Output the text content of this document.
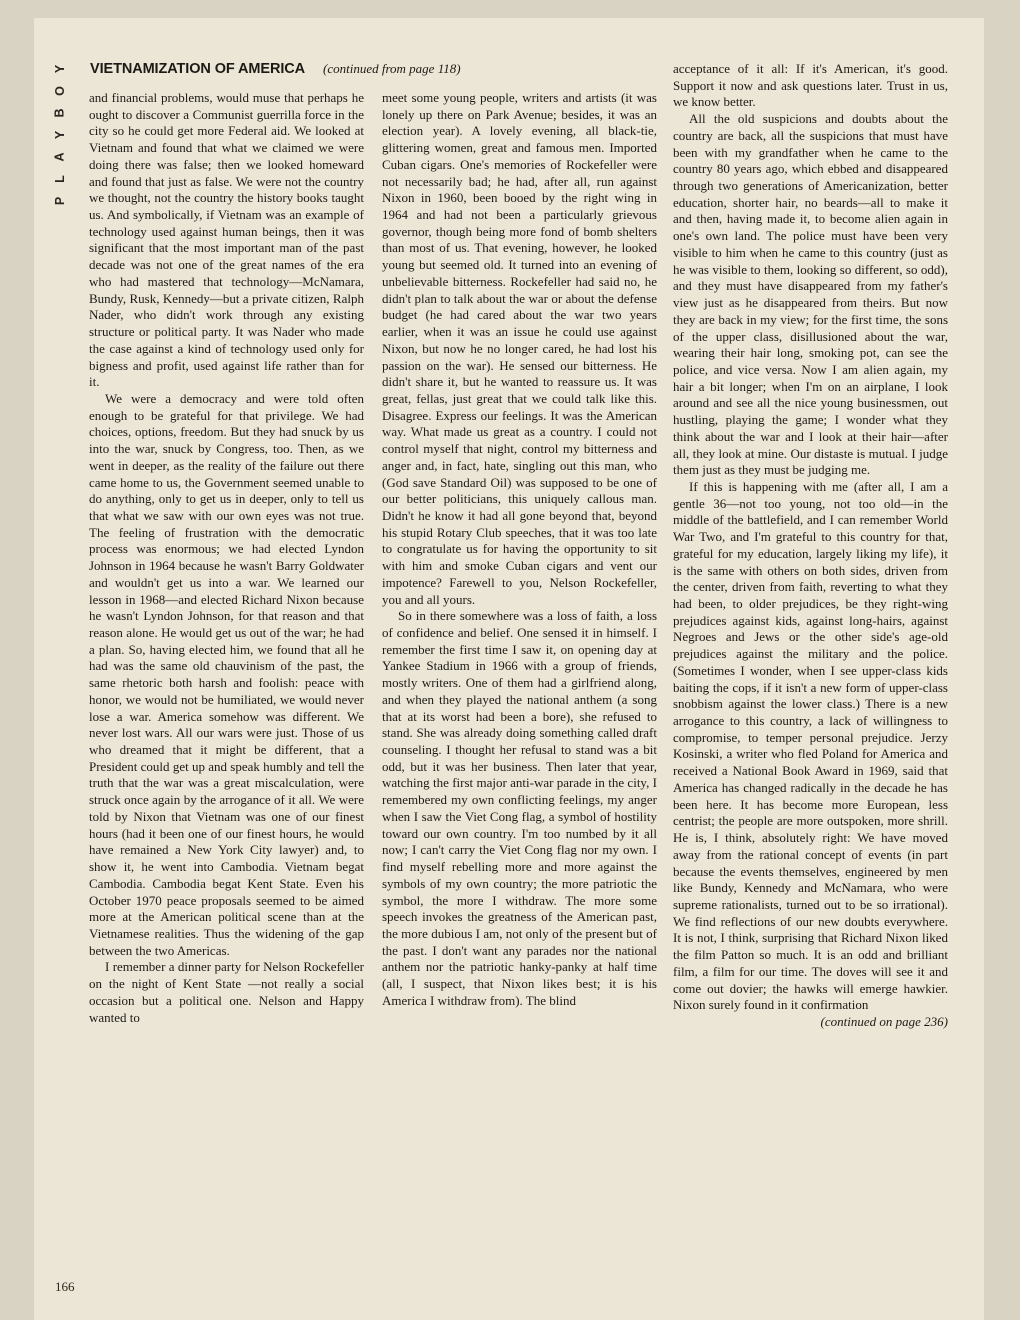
Y
O
B
Y
A
L
P
VIETNAMIZATION OF AMERICA (continued from page 118)

and financial problems, would muse that perhaps he ought to discover a Communist guerrilla force in the city so he could get more Federal aid. We looked at Vietnam and found that what we claimed we were doing there was false; then we looked homeward and found that just as false. We were not the country we thought, not the country the history books taught us. And symbolically, if Vietnam was an example of technology used against human beings, then it was significant that the most important man of the past decade was not one of the great names of the era who had mastered that technology—McNamara, Bundy, Rusk, Kennedy—but a private citizen, Ralph Nader, who didn't work through any existing structure or political party. It was Nader who made the case against a kind of technology used only for bigness and profit, used against life rather than for it.

We were a democracy and were told often enough to be grateful for that privilege. We had choices, options, freedom. But they had snuck by us into the war, snuck by Congress, too. Then, as we went in deeper, as the reality of the failure out there came home to us, the Government seemed unable to do anything, only to get us in deeper, only to tell us that what we saw with our own eyes was not true. The feeling of frustration with the democratic process was enormous; we had elected Lyndon Johnson in 1964 because he wasn't Barry Goldwater and wouldn't get us into a war. We learned our lesson in 1968—and elected Richard Nixon because he wasn't Lyndon Johnson, for that reason and that reason alone. He would get us out of the war; he had a plan. So, having elected him, we found that all he had was the same old chauvinism of the past, the same rhetoric both harsh and foolish: peace with honor, we would not be humiliated, we would never lose a war. America somehow was different. We never lost wars. All our wars were just. Those of us who dreamed that it might be different, that a President could get up and speak humbly and tell the truth that the war was a great miscalculation, were struck once again by the arrogance of it all. We were told by Nixon that Vietnam was one of our finest hours (had it been one of our finest hours, he would have remained a New York City lawyer) and, to show it, he went into Cambodia. Vietnam begat Cambodia. Cambodia begat Kent State. Even his October 1970 peace proposals seemed to be aimed more at the American political scene than at the Vietnamese realities. Thus the widening of the gap between the two Americas.

I remember a dinner party for Nelson Rockefeller on the night of Kent State —not really a social occasion but a political one. Nelson and Happy wanted to

meet some young people, writers and artists (it was lonely up there on Park Avenue; besides, it was an election year). A lovely evening, all black-tie, glittering women, great and famous men. Imported Cuban cigars. One's memories of Rockefeller were not necessarily bad; he had, after all, run against Nixon in 1960, been booed by the right wing in 1964 and had not been a particularly grievous governor, though being more fond of bomb shelters than most of us. That evening, however, he looked young but seemed old. It turned into an evening of unbelievable bitterness. Rockefeller had said no, he didn't plan to talk about the war or about the defense budget (he had cared about the war two years earlier, when it was an issue he could use against Nixon, but now he no longer cared, he had lost his passion on the war). He sensed our bitterness. He didn't share it, but he wanted to reassure us. It was great, fellas, just great that we could talk like this. Disagree. Express our feelings. It was the American way. What made us great as a country. I could not control myself that night, control my bitterness and anger and, in fact, hate, singling out this man, who (God save Standard Oil) was supposed to be one of our better politicians, this uniquely callous man. Didn't he know it had all gone beyond that, beyond his stupid Rotary Club speeches, that it was too late to congratulate us for having the opportunity to sit with him and smoke Cuban cigars and vent our impotence? Farewell to you, Nelson Rockefeller, you and all yours.

So in there somewhere was a loss of faith, a loss of confidence and belief. One sensed it in himself. I remember the first time I saw it, on opening day at Yankee Stadium in 1966 with a group of friends, mostly writers. One of them had a girlfriend along, and when they played the national anthem (a song that at its worst had been a bore), she refused to stand. She was already doing something called draft counseling. I thought her refusal to stand was a bit odd, but it was her business. Then later that year, watching the first major anti-war parade in the city, I remembered my own conflicting feelings, my anger when I saw the Viet Cong flag, a symbol of hostility toward our own country. I'm too numbed by it all now; I can't carry the Viet Cong flag nor my own. I find myself rebelling more and more against the symbols of my own country; the more patriotic the symbol, the more I withdraw. The more some speech invokes the greatness of the American past, the more dubious I am, not only of the present but of the past. I don't want any parades nor the national anthem nor the patriotic hanky-panky at half time (all, I suspect, that Nixon likes best; it is his America I withdraw from). The blind

acceptance of it all: If it's American, it's good. Support it now and ask questions later. Trust in us, we know better.

All the old suspicions and doubts about the country are back, all the suspicions that must have been with my grandfather when he came to the country 80 years ago, which ebbed and disappeared through two generations of Americanization, better education, shorter hair, no beards—all to make it and then, having made it, to become alien again in one's own land. The police must have been very visible to him when he came to this country (just as he was visible to them, looking so different, so odd), and they must have disappeared from my father's view just as he disappeared from theirs. But now they are back in my view; for the first time, the sons of the upper class, disillusioned about the war, wearing their hair long, smoking pot, can see the police, and vice versa. Now I am alien again, my hair a bit longer; when I'm on an airplane, I look around and see all the nice young businessmen, out hustling, playing the game; I wonder what they think about the war and I look at their hair—after all, they look at mine. Our distaste is mutual. I judge them just as they must be judging me.

If this is happening with me (after all, I am a gentle 36—not too young, not too old—in the middle of the battlefield, and I can remember World War Two, and I'm grateful to this country for that, grateful for my education, largely liking my life), it is the same with others on both sides, driven from the center, driven from faith, reverting to what they had been, to older prejudices, be they right-wing prejudices against kids, against long-hairs, against Negroes and Jews or the other side's age-old prejudices against the military and the police. (Sometimes I wonder, when I see upper-class kids baiting the cops, if it isn't a new form of upper-class snobbism against the lower class.) There is a new arrogance to this country, a lack of willingness to compromise, to temper personal prejudice. Jerzy Kosinski, a writer who fled Poland for America and received a National Book Award in 1969, said that America has changed radically in the decade he has been here. It has become more European, less centrist; the people are more outspoken, more shrill. He is, I think, absolutely right: We have moved away from the rational concept of events (in part because the events themselves, engineered by men like Bundy, Kennedy and McNamara, who were supreme rationalists, turned out to be so irrational). We find reflections of our new doubts everywhere. It is not, I think, surprising that Richard Nixon liked the film Patton so much. It is an odd and brilliant film, a film for our time. The doves will see it and come out dovier; the hawks will emerge hawkier. Nixon surely found in it confirmation

(continued on page 236)

166
